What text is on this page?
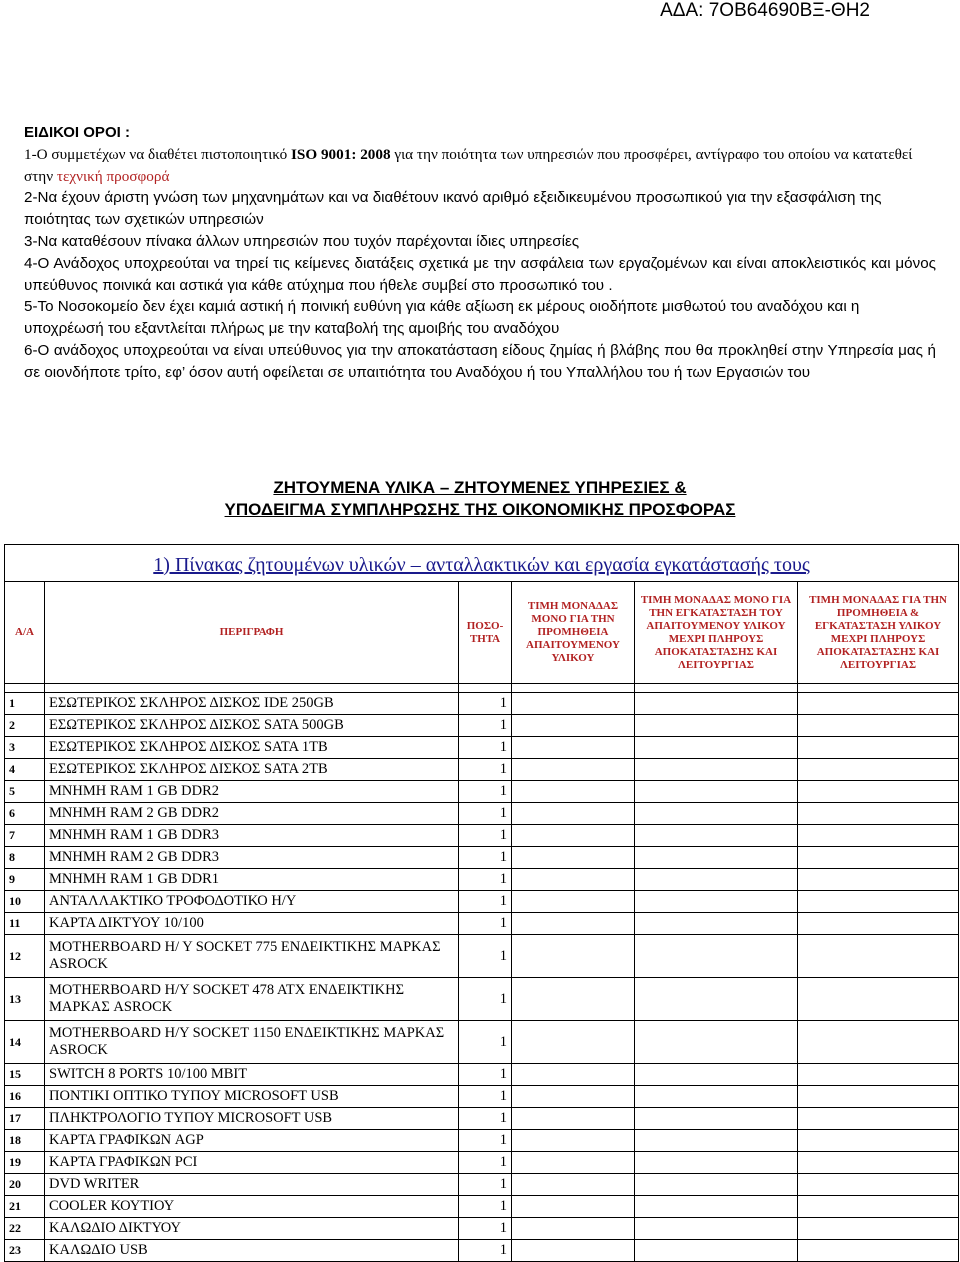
ΑΔΑ: 7ΟΒ64690ΒΞ-ΘΗ2

ΕΙΔΙΚΟΙ ΟΡΟΙ :

1-Ο συμμετέχων να διαθέτει πιστοποιητικό ISO 9001: 2008 για την ποιότητα των υπηρεσιών που προσφέρει, αντίγραφο του οποίου να κατατεθεί στην τεχνική προσφορά

2-Να έχουν άριστη γνώση των μηχανημάτων και να διαθέτουν ικανό αριθμό εξειδικευμένου προσωπικού για την εξασφάλιση της ποιότητας των σχετικών υπηρεσιών

3-Να καταθέσουν πίνακα άλλων υπηρεσιών που τυχόν παρέχονται ίδιες υπηρεσίες

4-Ο Ανάδοχος υποχρεούται να τηρεί τις κείμενες διατάξεις σχετικά με την ασφάλεια των εργαζομένων και είναι αποκλειστικός και μόνος υπεύθυνος ποινικά και αστικά για κάθε ατύχημα που ήθελε συμβεί στο προσωπικό του .

5-Το Νοσοκομείο δεν έχει καμιά αστική ή ποινική ευθύνη για κάθε αξίωση εκ μέρους οιοδήποτε μισθωτού του αναδόχου και η υποχρέωσή του εξαντλείται πλήρως με την καταβολή της αμοιβής του αναδόχου

6-Ο ανάδοχος υποχρεούται να είναι υπεύθυνος για την αποκατάσταση είδους ζημίας ή βλάβης που θα προκληθεί στην Υπηρεσία μας ή σε οιονδήποτε τρίτο, εφ’ όσον αυτή οφείλεται σε υπαιτιότητα του Αναδόχου ή του Υπαλλήλου του ή των Εργασιών του

ΖΗΤΟΥΜΕΝΑ ΥΛΙΚΑ – ΖΗΤΟΥΜΕΝΕΣ ΥΠΗΡΕΣΙΕΣ &
ΥΠΟΔΕΙΓΜΑ ΣΥΜΠΛΗΡΩΣΗΣ ΤΗΣ ΟΙΚΟΝΟΜΙΚΗΣ ΠΡΟΣΦΟΡΑΣ
1) Πίνακας ζητουμένων υλικών – ανταλλακτικών και εργασία εγκατάστασής τους					
Α/Α	ΠΕΡΙΓΡΑΦΗ	ΠΟΣΟ-ΤΗΤΑ	ΤΙΜΗ ΜΟΝΑΔΑΣ ΜΟΝΟ ΓΙΑ ΤΗΝ ΠΡΟΜΗΘΕΙΑ ΑΠΑΙΤΟΥΜΕΝΟΥ ΥΛΙΚΟΥ	ΤΙΜΗ ΜΟΝΑΔΑΣ ΜΟΝΟ ΓΙΑ ΤΗΝ ΕΓΚΑΤΑΣΤΑΣΗ ΤΟΥ ΑΠΑΙΤΟΥΜΕΝΟΥ ΥΛΙΚΟΥ ΜΕΧΡΙ ΠΛΗΡΟΥΣ ΑΠΟΚΑΤΑΣΤΑΣΗΣ ΚΑΙ ΛΕΙΤΟΥΡΓΙΑΣ	ΤΙΜΗ ΜΟΝΑΔΑΣ ΓΙΑ ΤΗΝ ΠΡΟΜΗΘΕΙΑ & ΕΓΚΑΤΑΣΤΑΣΗ ΥΛΙΚΟΥ ΜΕΧΡΙ ΠΛΗΡΟΥΣ ΑΠΟΚΑΤΑΣΤΑΣΗΣ ΚΑΙ ΛΕΙΤΟΥΡΓΙΑΣ

1	ΕΣΩΤΕΡΙΚΟΣ ΣΚΛΗΡΟΣ ΔΙΣΚΟΣ IDE 250GB	1			
2	ΕΣΩΤΕΡΙΚΟΣ ΣΚΛΗΡΟΣ ΔΙΣΚΟΣ SATA 500GB	1			
3	ΕΣΩΤΕΡΙΚΟΣ ΣΚΛΗΡΟΣ ΔΙΣΚΟΣ SATA 1TB	1			
4	ΕΣΩΤΕΡΙΚΟΣ ΣΚΛΗΡΟΣ ΔΙΣΚΟΣ SATA 2TB	1			
5	ΜΝΗΜΗ RAM 1 GB DDR2	1			
6	ΜΝΗΜΗ RAM 2 GB DDR2	1			
7	ΜΝΗΜΗ RAM 1 GB DDR3	1			
8	ΜΝΗΜΗ RAM 2 GB DDR3	1			
9	ΜΝΗΜΗ RAM 1 GB DDR1	1			
10	ΑΝΤΑΛΛΑΚΤΙΚΟ ΤΡΟΦΟΔΟΤΙΚΟ Η/Υ	1			
11	ΚΑΡΤΑ ΔΙΚΤΥΟΥ 10/100	1			
12	MOTHERBOARD Η/ Υ SOCKET 775 ΕΝΔΕΙΚΤΙΚΗΣ ΜΑΡΚΑΣ ASROCK	1			
13	MOTHERBOARD Η/Υ SOCKET 478 ATX ΕΝΔΕΙΚΤΙΚΗΣ ΜΑΡΚΑΣ ASROCK	1			
14	MOTHERBOARD Η/Υ SOCKET 1150 ΕΝΔΕΙΚΤΙΚΗΣ ΜΑΡΚΑΣ ASROCK	1			
15	SWITCH 8 PORTS 10/100 MBIT	1			
16	ΠΟΝΤΙΚΙ ΟΠΤΙΚΟ ΤΥΠΟΥ MICROSOFT USB	1			
17	ΠΛΗΚΤΡΟΛΟΓΙΟ ΤΥΠΟΥ MICROSOFT USB	1			
18	ΚΑΡΤΑ ΓΡΑΦΙΚΩΝ AGP	1			
19	ΚΑΡΤΑ ΓΡΑΦΙΚΩΝ PCI	1			
20	DVD WRITER	1			
21	COOLER ΚΟΥΤΙΟΥ	1			
22	ΚΑΛΩΔΙΟ ΔΙΚΤΥΟΥ	1			
23	ΚΑΛΩΔΙΟ USB	1			
